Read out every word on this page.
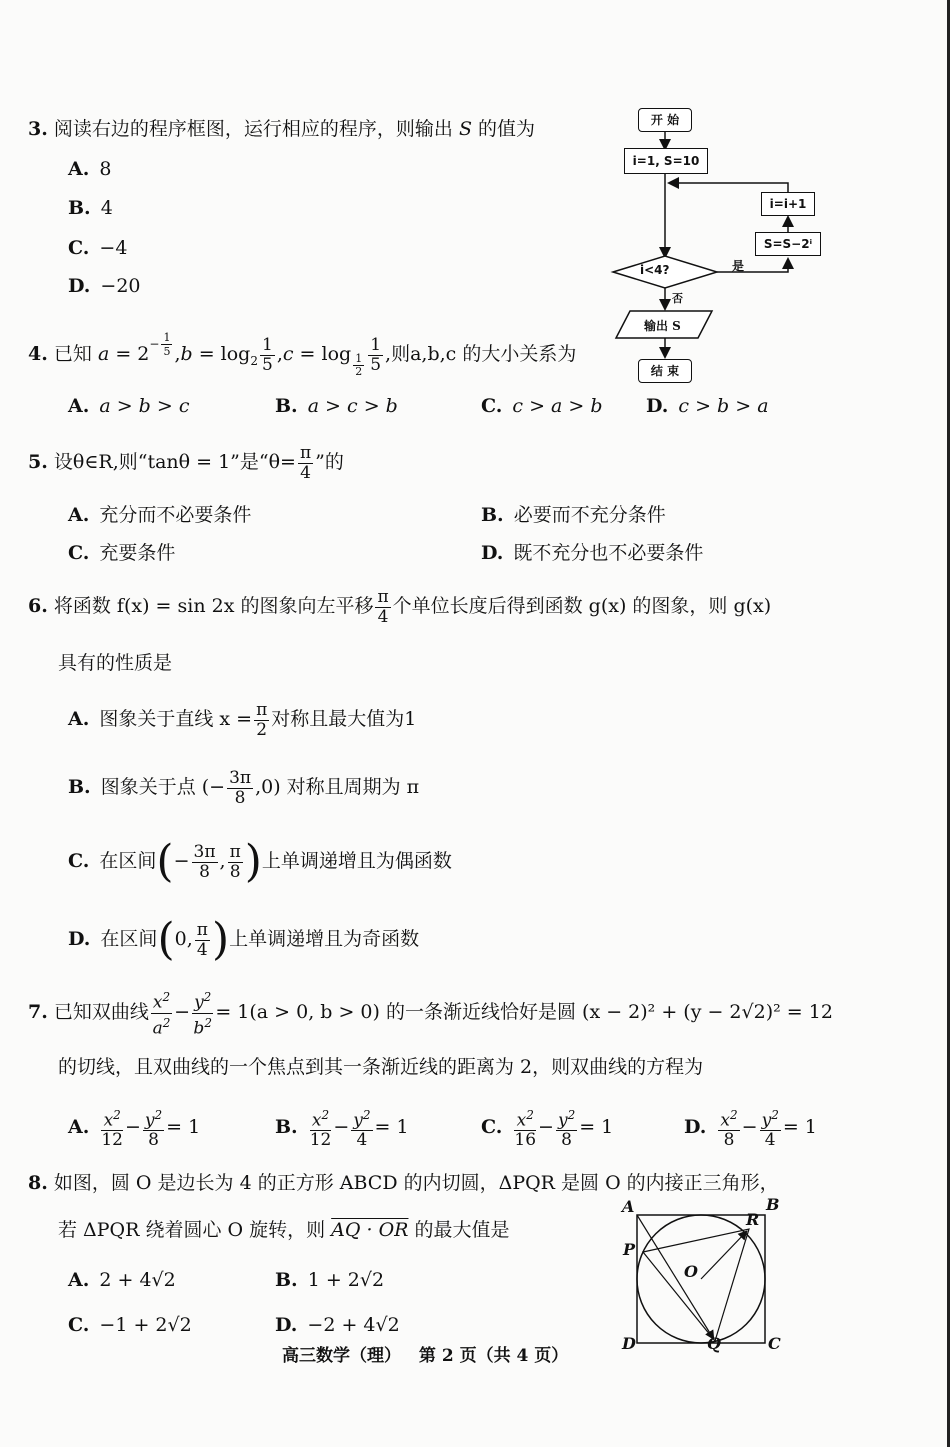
3. 阅读右边的程序框图，运行相应的程序，则输出 S 的值为
A. 8
B. 4
C. −4
D. −20
开 始
i=1, S=10
i=i+1
S=S−2ⁱ
i<4?	是
否
输出 S
结 束
4. 已知 $a = 2^{- \frac{1}{5}}$ $,b = \log_2 \frac{1}{5} ,c = \log _{\frac{1}{2}} \frac{1}{5}$ ,则a,b,c 的大小关系为
A. a > b > c	B. a > c > b	C. c > a > b D. c > b > a
5. 设θ∈R,则“tanθ = 1”是“$\theta= \frac{\pi}{4}$ ”的
A. 充分而不必要条件	B. 必要而不充分条件
C. 充要条件	D. 既不充分也不必要条件
6. 将函数 f(x) = sin 2x 的图象向左平移 $\frac{\pi}{4}$ 个单位长度后得到函数 g(x) 的图象，则 g(x)
具有的性质是
A. 图象关于直线 $x = \frac{\pi}{2}$ 对称且最大值为1
B. 图象关于点 (− $\frac{3\pi}{8} ,0$) 对称且周期为 π
C. 在区间(− $\frac{3\pi}{8}$ , $\frac{\pi}{8}$ )上单调递增且为偶函数
D. 在区间(0, $\frac{\pi}{4}$ )上单调递增且为奇函数
7. 已知双曲线 $\frac{x^2}{a^2} - \frac{y^2}{b^2} = 1(a > 0$, b > 0) 的一条渐近线恰好是圆 (x − 2)² + (y − 2√2)² = 12
的切线，且双曲线的一个焦点到其一条渐近线的距离为 2，则双曲线的方程为
A. $\frac{x^2}{12} - \frac{y^2}{8} = 1$	B. $\frac{x^2}{12} - \frac{y^2}{4} = 1$	C. $\frac{x^2}{16} - \frac{y^2}{8} = 1$	D. $\frac{x^2}{8} - \frac{y^2}{4} = 1$
8. 如图，圆 O 是边长为 4 的正方形 ABCD 的内切圆，ΔPQR 是圆 O 的内接正三角形，
若 ΔPQR 绕着圆心 O 旋转，则 AQ · OR 的最大值是
A. 2 + 4√2	B. 1 + 2√2
C. −1 + 2√2	D. −2 + 4√2
A	B
C
D
P
Q
R
O
高三数学（理） 第 2 页（共 4 页）
